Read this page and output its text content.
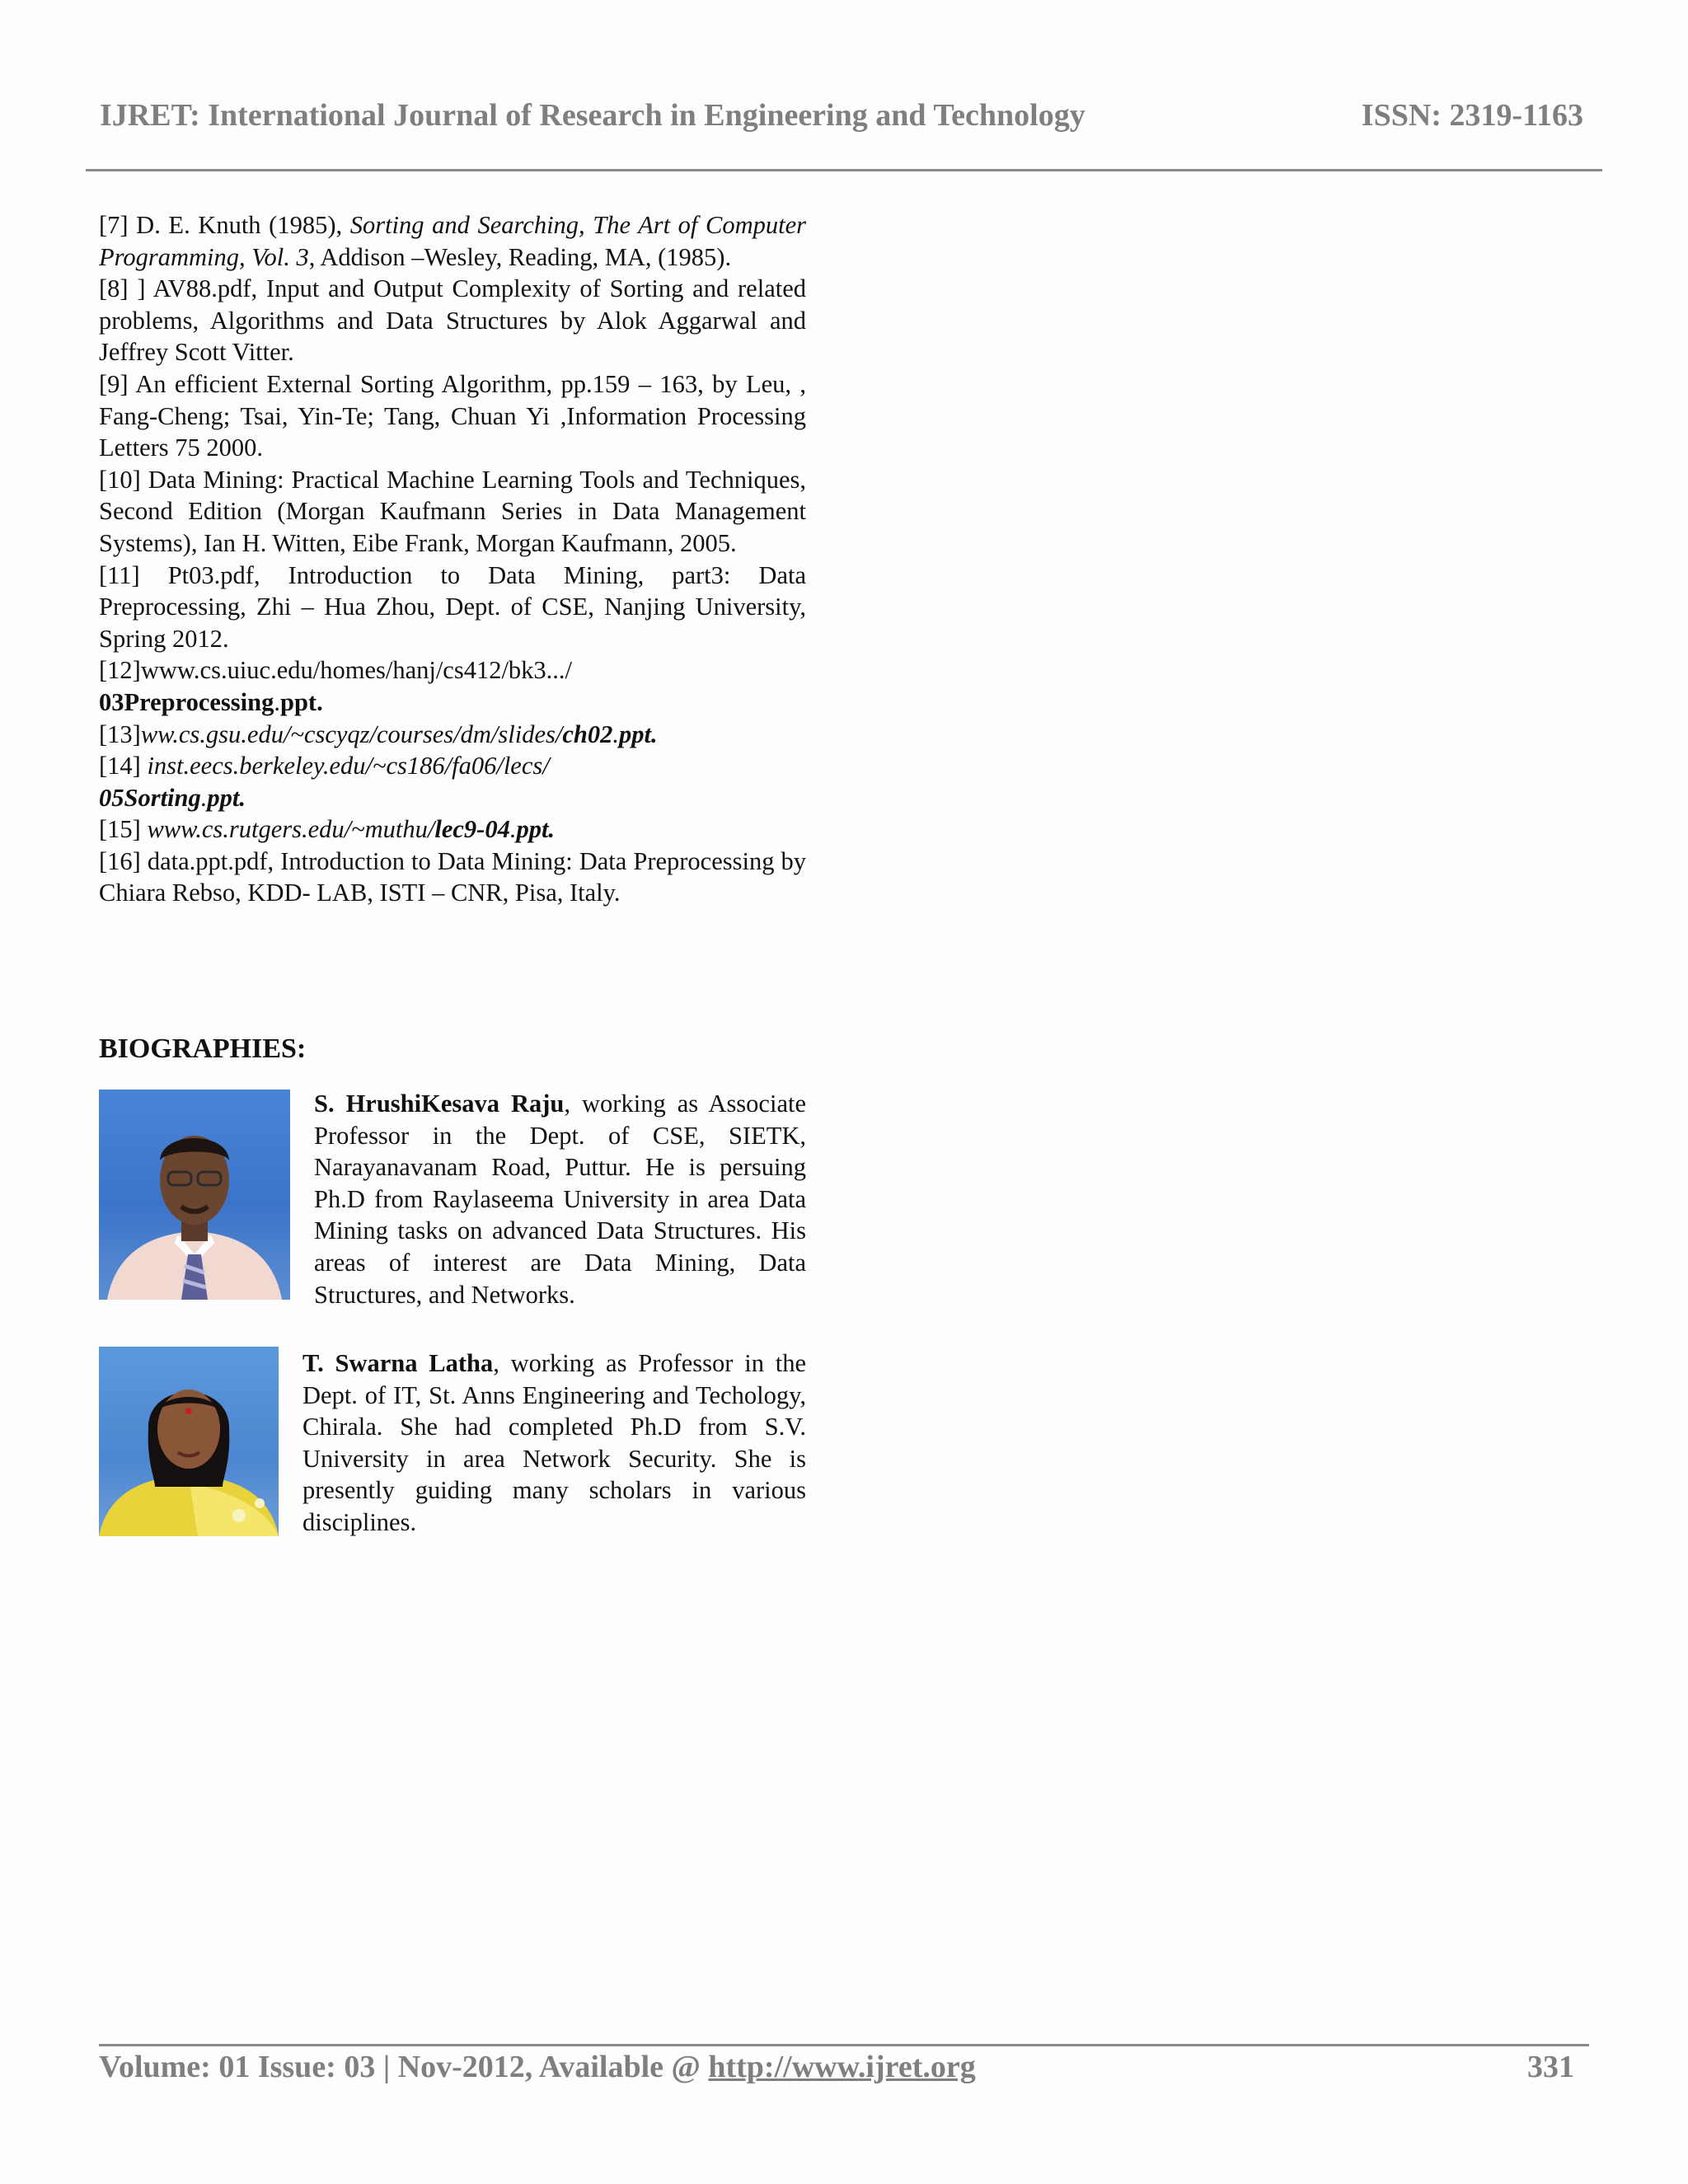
IJRET: International Journal of Research in Engineering and Technology	ISSN: 2319-1163

[7] D. E. Knuth (1985), Sorting and Searching, The Art of Computer Programming, Vol. 3, Addison –Wesley, Reading, MA, (1985).

[8] ] AV88.pdf, Input and Output Complexity of Sorting and related problems, Algorithms and Data Structures by Alok Aggarwal and Jeffrey Scott Vitter.

[9] An efficient External Sorting Algorithm, pp.159 – 163, by Leu, , Fang-Cheng; Tsai, Yin-Te; Tang, Chuan Yi ,Information Processing Letters 75 2000.

[10] Data Mining: Practical Machine Learning Tools and Techniques, Second Edition (Morgan Kaufmann Series in Data Management Systems), Ian H. Witten, Eibe Frank, Morgan Kaufmann, 2005.

[11] Pt03.pdf, Introduction to Data Mining, part3: Data Preprocessing, Zhi – Hua Zhou, Dept. of CSE, Nanjing University, Spring 2012.

[12]www.cs.uiuc.edu/homes/hanj/cs412/bk3.../
03Preprocessing.ppt.

[13]ww.cs.gsu.edu/~cscyqz/courses/dm/slides/ch02.ppt.

[14] inst.eecs.berkeley.edu/~cs186/fa06/lecs/
05Sorting.ppt.

[15] www.cs.rutgers.edu/~muthu/lec9-04.ppt.

[16] data.ppt.pdf, Introduction to Data Mining: Data Preprocessing by Chiara Rebso, KDD- LAB, ISTI – CNR, Pisa, Italy.

BIOGRAPHIES:

S. HrushiKesava Raju, working as Associate Professor in the Dept. of CSE, SIETK, Narayanavanam Road, Puttur. He is persuing Ph.D from Raylaseema University in area Data Mining tasks on advanced Data Structures. His areas of interest are Data Mining, Data Structures, and Networks.

T. Swarna Latha, working as Professor in the Dept. of IT, St. Anns Engineering and Techology, Chirala. She had completed Ph.D from S.V. University in area Network Security. She is presently guiding many scholars in various disciplines.

Volume: 01 Issue: 03 | Nov-2012, Available @ http://www.ijret.org	331
